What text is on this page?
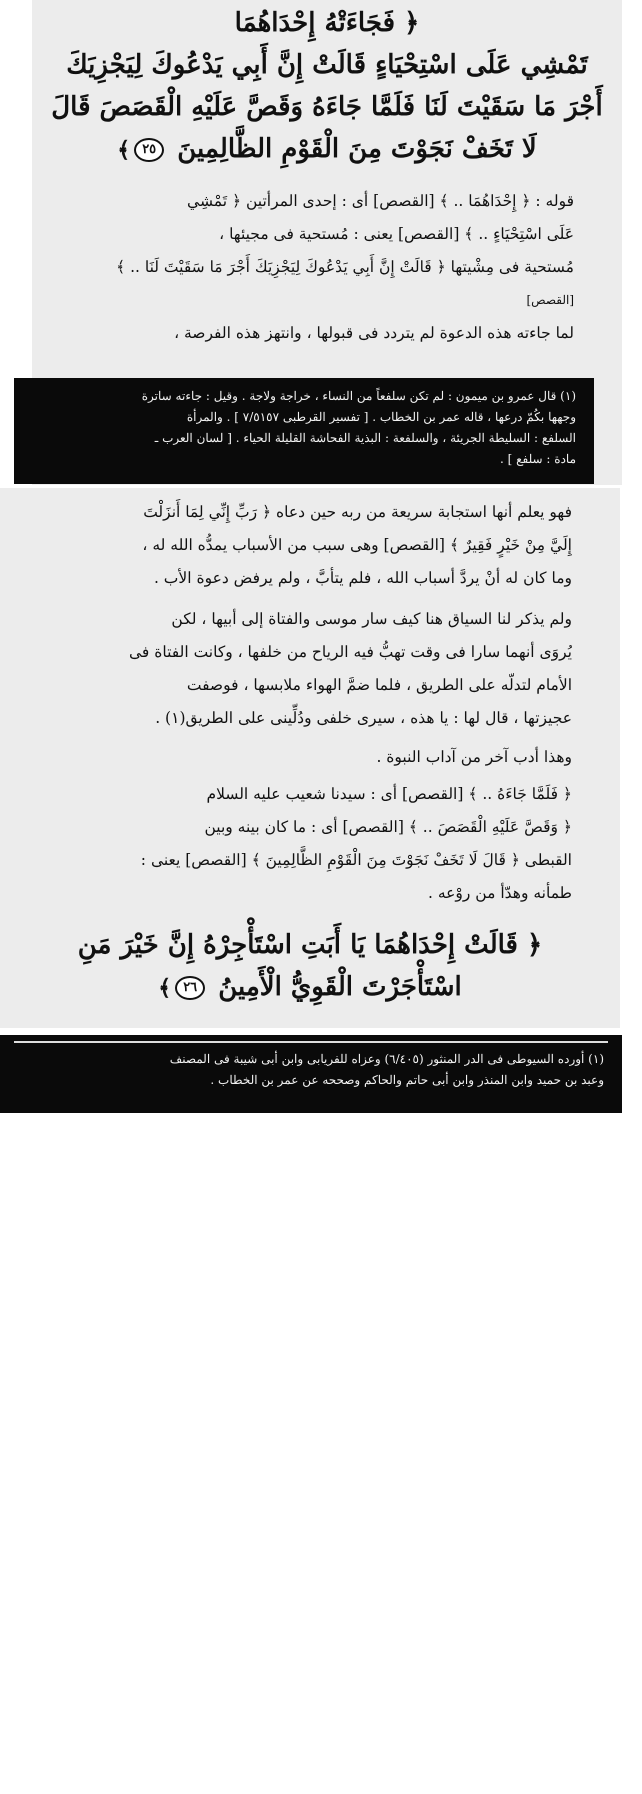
﴿ فَجَاءَتْهُ إِحْدَاهُمَا
تَمْشِي عَلَى اسْتِحْيَاءٍ قَالَتْ إِنَّ أَبِي يَدْعُوكَ لِيَجْزِيَكَ
أَجْرَ مَا سَقَيْتَ لَنَا فَلَمَّا جَاءَهُ وَقَصَّ عَلَيْهِ الْقَصَصَ قَالَ
لَا تَخَفْ نَجَوْتَ مِنَ الْقَوْمِ الظَّالِمِينَ ٢٥﴾
قوله : ﴿ إِحْدَاهُمَا .. ﴾ [القصص] أى : إحدى المرأتين ﴿ تَمْشِي
عَلَى اسْتِحْيَاءٍ .. ﴾ [القصص] يعنى : مُستحية فى مجيئها ،
مُستحية فى مِشْيتها ﴿ قَالَتْ إِنَّ أَبِي يَدْعُوكَ لِيَجْزِيَكَ أَجْرَ مَا سَقَيْتَ لَنَا .. ﴾
[القصص]
لما جاءته هذه الدعوة لم يتردد فى قبولها ، وانتهز هذه الفرصة ،
(١) قال عمرو بن ميمون : لم تكن سلفعاً من النساء ، خراجة ولاجة . وقيل : جاءته ساترة
وجهها بكُمّ درعها ، قاله عمر بن الخطاب . [ تفسير القرطبى ٧/٥١٥٧ ] . والمرأة
السلفع : السليطة الجريئة ، والسلفعة : البذية الفحاشة القليلة الحياء . [ لسان العرب ـ
مادة : سلفع ] .
فهو يعلم أنها استجابة سريعة من ربه حين دعاه ﴿ رَبِّ إِنِّي لِمَا أَنزَلْتَ
إِلَيَّ مِنْ خَيْرٍ فَقِيرٌ ﴾ [القصص] وهى سبب من الأسباب يمدُّه الله له ،
وما كان له أنْ يردَّ أسباب الله ، فلم يتأبَّ ، ولم يرفض دعوة الأب .
ولم يذكر لنا السياق هنا كيف سار موسى والفتاة إلى أبيها ، لكن
يُروَى أنهما سارا فى وقت تهبُّ فيه الرياح من خلفها ، وكانت الفتاة فى
الأمام لتدلّه على الطريق ، فلما ضمَّ الهواء ملابسها ، فوصفت
عجيزتها ، قال لها : يا هذه ، سيرى خلفى ودُلِّينى على الطريق(١) .
وهذا أدب آخر من آداب النبوة .
﴿ فَلَمَّا جَاءَهُ .. ﴾ [القصص] أى : سيدنا شعيب عليه السلام
﴿ وَقَصَّ عَلَيْهِ الْقَصَصَ .. ﴾ [القصص] أى : ما كان بينه وبين
القبطى ﴿ قَالَ لَا تَخَفْ نَجَوْتَ مِنَ الْقَوْمِ الظَّالِمِينَ ﴾ [القصص] يعنى :
طمأنه وهدّأ من روْعه .
﴿ قَالَتْ إِحْدَاهُمَا يَا أَبَتِ اسْتَأْجِرْهُ إِنَّ خَيْرَ مَنِ
اسْتَأْجَرْتَ الْقَوِيُّ الْأَمِينُ ٢٦﴾
(١) أورده السيوطى فى الدر المنثور (٦/٤٠٥) وعزاه للفريابى وابن أبى شيبة فى المصنف
وعبد بن حميد وابن المنذر وابن أبى حاتم والحاكم وصححه عن عمر بن الخطاب .
